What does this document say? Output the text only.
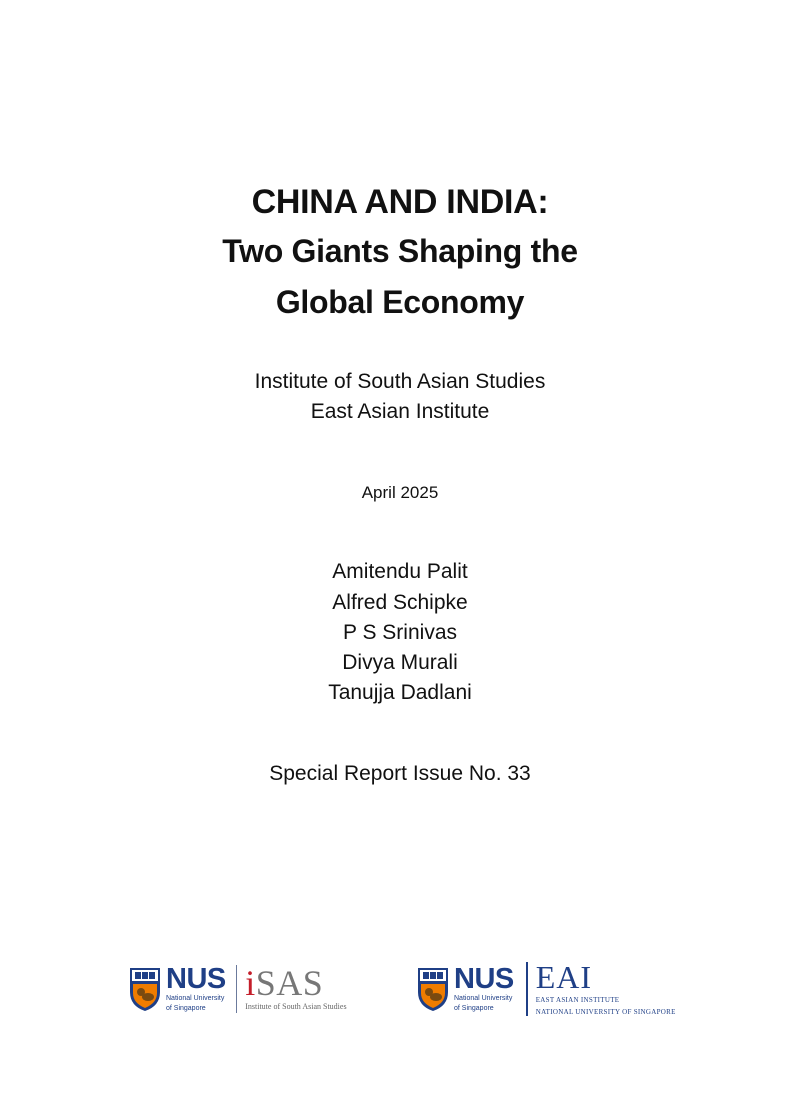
CHINA AND INDIA:
Two Giants Shaping the
Global Economy
Institute of South Asian Studies
East Asian Institute
April 2025
Amitendu Palit
Alfred Schipke
P S Srinivas
Divya Murali
Tanujja Dadlani
Special Report Issue No. 33
NUS
National University
of Singapore
iSAS
Institute of South Asian Studies
NUS
National University
of Singapore
EAI
EAST ASIAN INSTITUTE
NATIONAL UNIVERSITY OF SINGAPORE
